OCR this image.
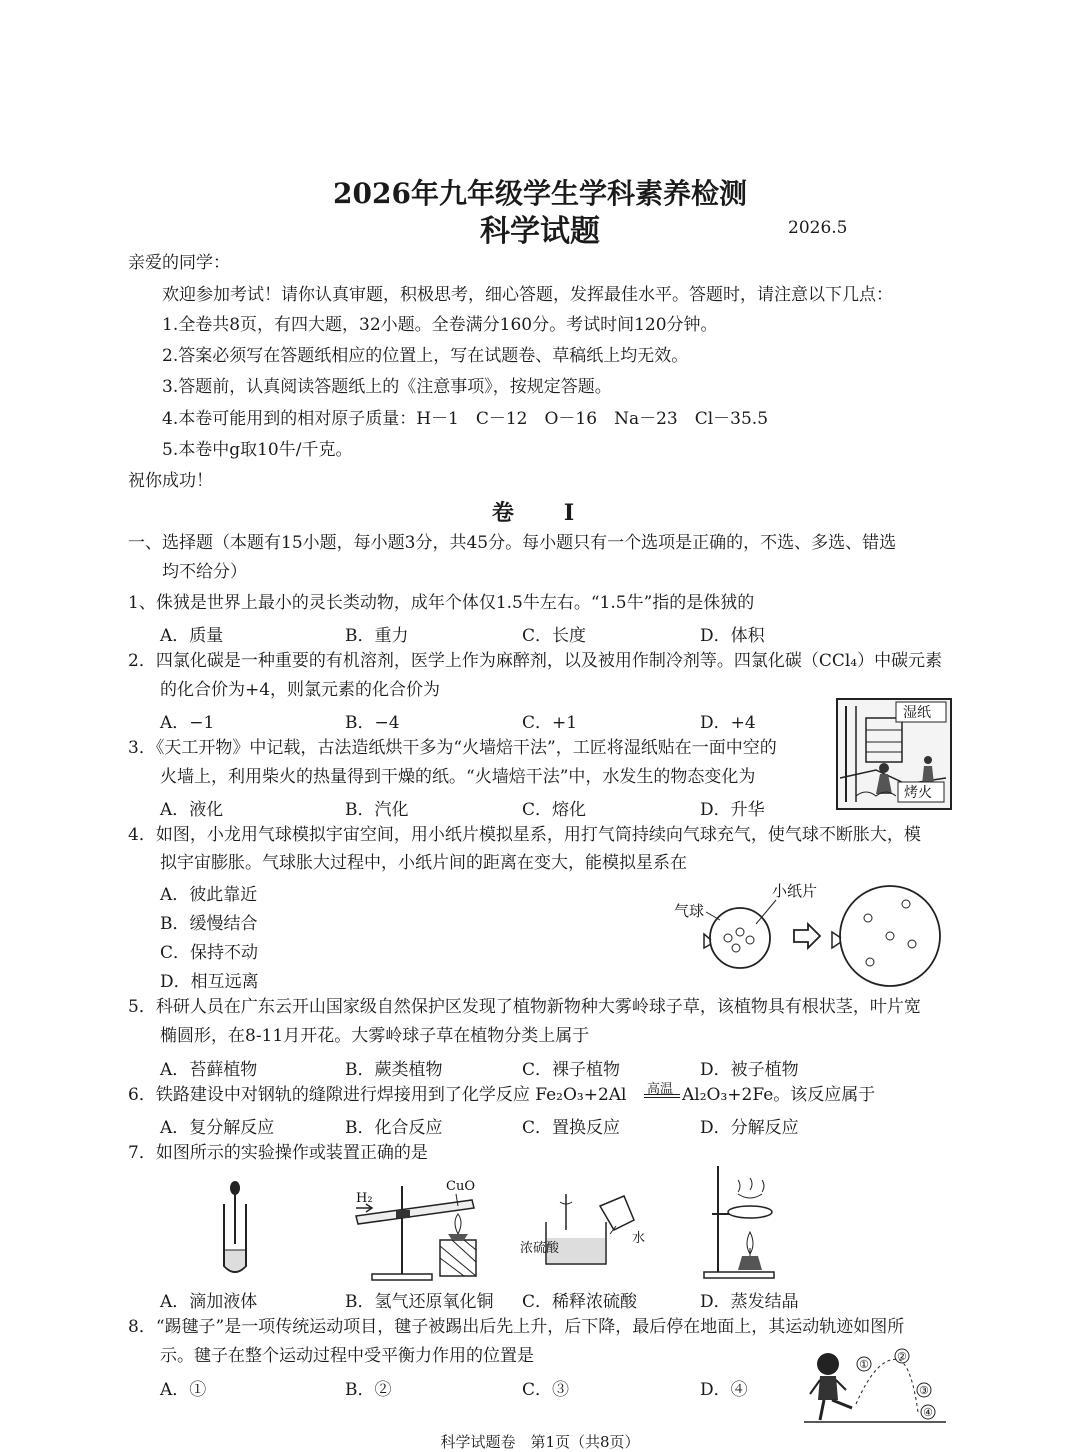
2026年九年级学生学科素养检测
科学试题	2026.5
亲爱的同学：
欢迎参加考试！请你认真审题，积极思考，细心答题，发挥最佳水平。答题时，请注意以下几点：
1.全卷共8页，有四大题，32小题。全卷满分160分。考试时间120分钟。
2.答案必须写在答题纸相应的位置上，写在试题卷、草稿纸上均无效。
3.答题前，认真阅读答题纸上的《注意事项》，按规定答题。
4.本卷可能用到的相对原子质量：H－1　C－12　O－16　Na－23　Cl－35.5
5.本卷中g取10牛/千克。
祝你成功！
卷　I
一、选择题（本题有15小题，每小题3分，共45分。每小题只有一个选项是正确的，不选、多选、错选
均不给分）
1、侏狨是世界上最小的灵长类动物，成年个体仅1.5牛左右。“1.5牛”指的是侏狨的
A．质量	B．重力	C．长度	D．体积
2．四氯化碳是一种重要的有机溶剂，医学上作为麻醉剂，以及被用作制冷剂等。四氯化碳（CCl₄）中碳元素
的化合价为+4，则氯元素的化合价为
A．−1	B．−4	C．+1	D．+4
3．《天工开物》中记载，古法造纸烘干多为“火墙焙干法”，工匠将湿纸贴在一面中空的
火墙上，利用柴火的热量得到干燥的纸。“火墙焙干法”中，水发生的物态变化为
A．液化	B．汽化	C．熔化	D．升华
湿纸
烤火
4．如图，小龙用气球模拟宇宙空间，用小纸片模拟星系，用打气筒持续向气球充气，使气球不断胀大，模
拟宇宙膨胀。气球胀大过程中，小纸片间的距离在变大，能模拟星系在
A．彼此靠近
B．缓慢结合
C．保持不动
D．相互远离
气球
小纸片
5．科研人员在广东云开山国家级自然保护区发现了植物新物种大雾岭球子草，该植物具有根状茎，叶片宽
椭圆形，在8-11月开花。大雾岭球子草在植物分类上属于
A．苔藓植物	B．蕨类植物	C．裸子植物	D．被子植物
6．铁路建设中对钢轨的缝隙进行焊接用到了化学反应 Fe₂O₃+2Al 高温 Al₂O₃+2Fe。该反应属于
A．复分解反应	B．化合反应	C．置换反应	D．分解反应
7．如图所示的实验操作或装置正确的是
H₂
CuO
水
浓硫酸
A．滴加液体	B．氢气还原氧化铜 C．稀释浓硫酸	D．蒸发结晶
8．“踢毽子”是一项传统运动项目，毽子被踢出后先上升，后下降，最后停在地面上，其运动轨迹如图所
示。毽子在整个运动过程中受平衡力作用的位置是
A．①	B．②	C．③	D．④
①
②
③
④
科学试题卷　第1页（共8页）
